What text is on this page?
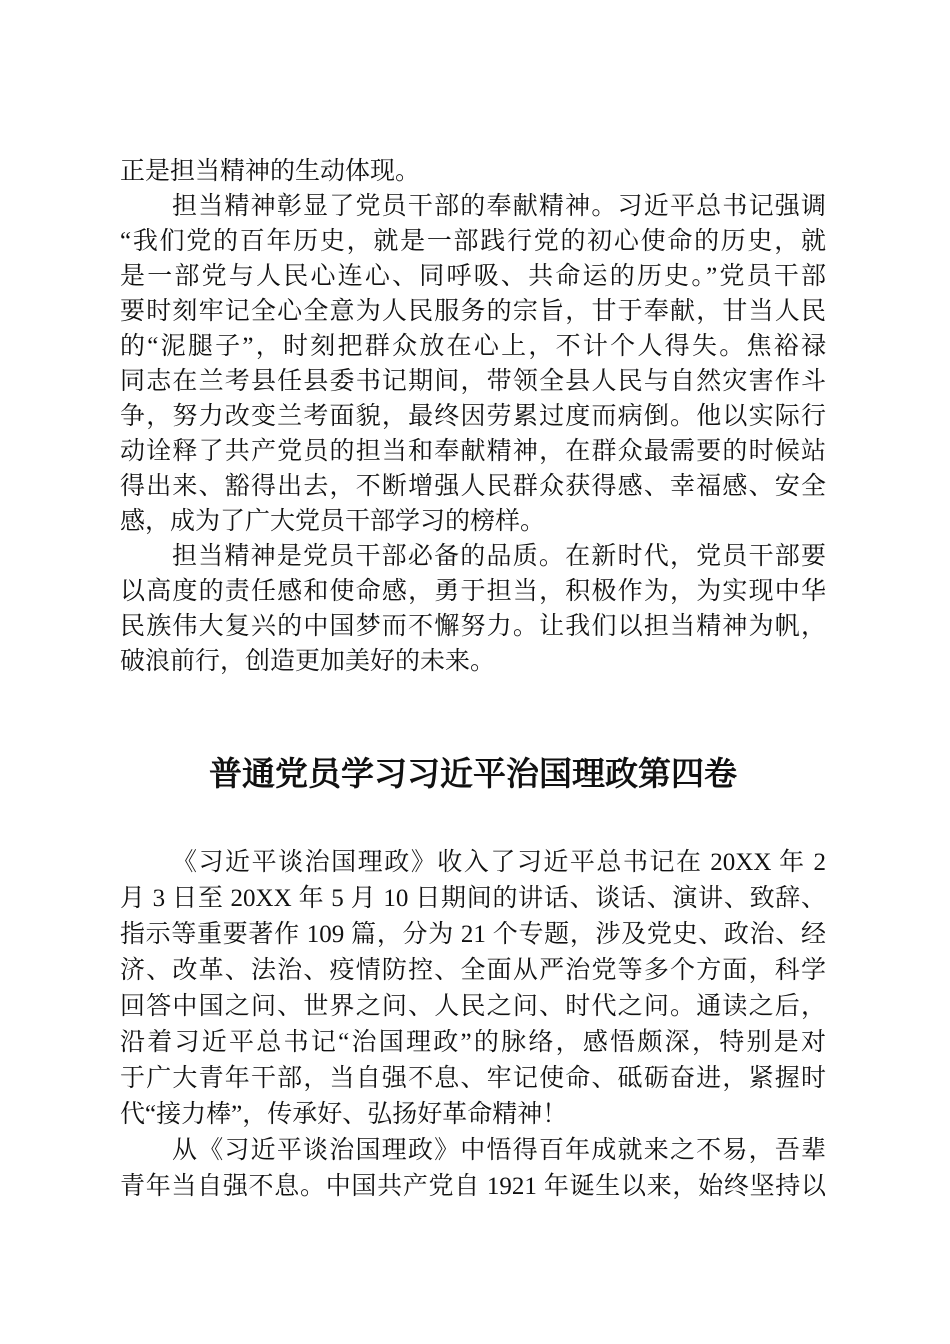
正是担当精神的生动体现。
担当精神彰显了党员干部的奉献精神。习近平总书记强调
“我们党的百年历史，就是一部践行党的初心使命的历史，就
是一部党与人民心连心、同呼吸、共命运的历史。”党员干部
要时刻牢记全心全意为人民服务的宗旨，甘于奉献，甘当人民
的“泥腿子”，时刻把群众放在心上，不计个人得失。焦裕禄
同志在兰考县任县委书记期间，带领全县人民与自然灾害作斗
争，努力改变兰考面貌，最终因劳累过度而病倒。他以实际行
动诠释了共产党员的担当和奉献精神，在群众最需要的时候站
得出来、豁得出去，不断增强人民群众获得感、幸福感、安全
感，成为了广大党员干部学习的榜样。
担当精神是党员干部必备的品质。在新时代，党员干部要
以高度的责任感和使命感，勇于担当，积极作为，为实现中华
民族伟大复兴的中国梦而不懈努力。让我们以担当精神为帆，
破浪前行，创造更加美好的未来。
普通党员学习习近平治国理政第四卷
《习近平谈治国理政》收入了习近平总书记在 20XX 年 2
月 3 日至 20XX 年 5 月 10 日期间的讲话、谈话、演讲、致辞、
指示等重要著作 109 篇，分为 21 个专题，涉及党史、政治、经
济、改革、法治、疫情防控、全面从严治党等多个方面，科学
回答中国之问、世界之问、人民之问、时代之问。通读之后，
沿着习近平总书记“治国理政”的脉络，感悟颇深，特别是对
于广大青年干部，当自强不息、牢记使命、砥砺奋进，紧握时
代“接力棒”，传承好、弘扬好革命精神！
从《习近平谈治国理政》中悟得百年成就来之不易，吾辈
青年当自强不息。中国共产党自 1921 年诞生以来，始终坚持以
